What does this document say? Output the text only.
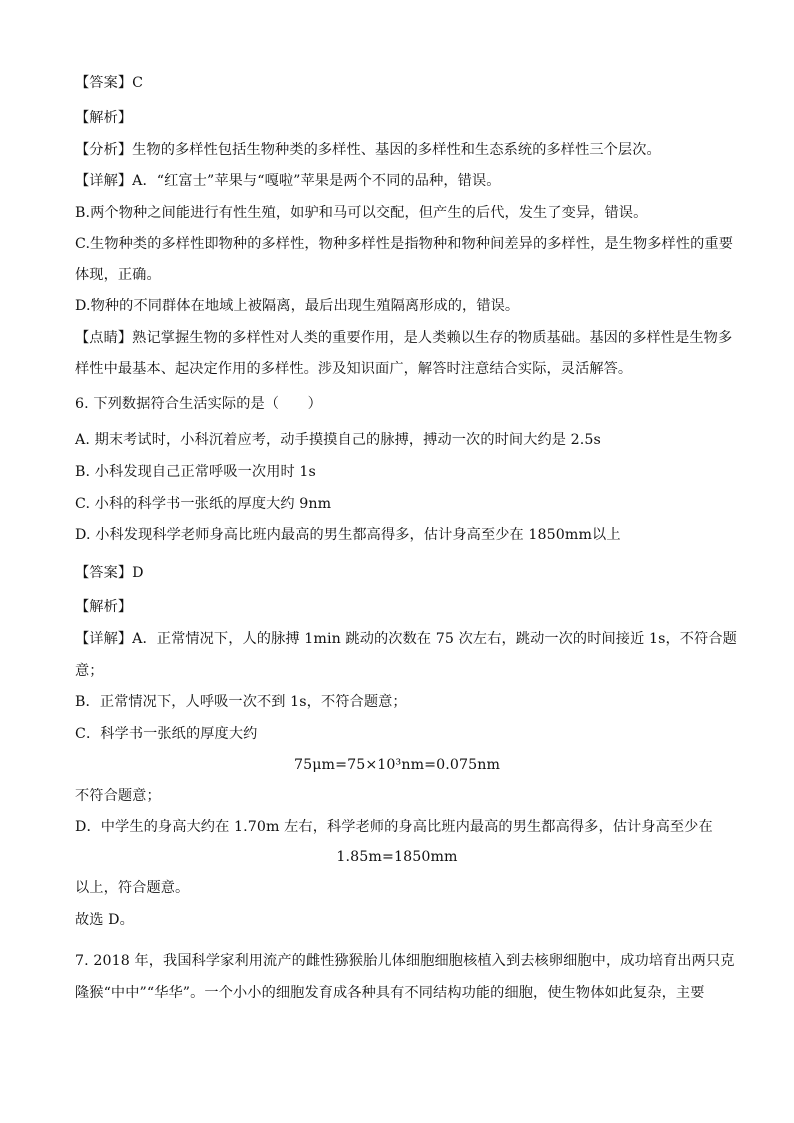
【答案】C
【解析】
【分析】生物的多样性包括生物种类的多样性、基因的多样性和生态系统的多样性三个层次。
【详解】A．“红富士”苹果与“嘎啦”苹果是两个不同的品种，错误。
B.两个物种之间能进行有性生殖，如驴和马可以交配，但产生的后代，发生了变异，错误。
C.生物种类的多样性即物种的多样性，物种多样性是指物种和物种间差异的多样性，是生物多样性的重要
体现，正确。
D.物种的不同群体在地域上被隔离，最后出现生殖隔离形成的，错误。
【点睛】熟记掌握生物的多样性对人类的重要作用，是人类赖以生存的物质基础。基因的多样性是生物多
样性中最基本、起决定作用的多样性。涉及知识面广，解答时注意结合实际，灵活解答。
6. 下列数据符合生活实际的是（　　）
A. 期末考试时，小科沉着应考，动手摸摸自己的脉搏，搏动一次的时间大约是 2.5s
B. 小科发现自己正常呼吸一次用时 1s
C. 小科的科学书一张纸的厚度大约 9nm
D. 小科发现科学老师身高比班内最高的男生都高得多，估计身高至少在 1850mm以上
【答案】D
【解析】
【详解】A．正常情况下，人的脉搏 1min 跳动的次数在 75 次左右，跳动一次的时间接近 1s，不符合题
意；
B．正常情况下，人呼吸一次不到 1s，不符合题意；
C．科学书一张纸的厚度大约
75μm=75×10³nm=0.075nm
不符合题意；
D．中学生的身高大约在 1.70m 左右，科学老师的身高比班内最高的男生都高得多，估计身高至少在
1.85m=1850mm
以上，符合题意。
故选 D。
7. 2018 年，我国科学家利用流产的雌性猕猴胎儿体细胞细胞核植入到去核卵细胞中，成功培育出两只克
隆猴“中中”“华华”。一个小小的细胞发育成各种具有不同结构功能的细胞，使生物体如此复杂，主要
